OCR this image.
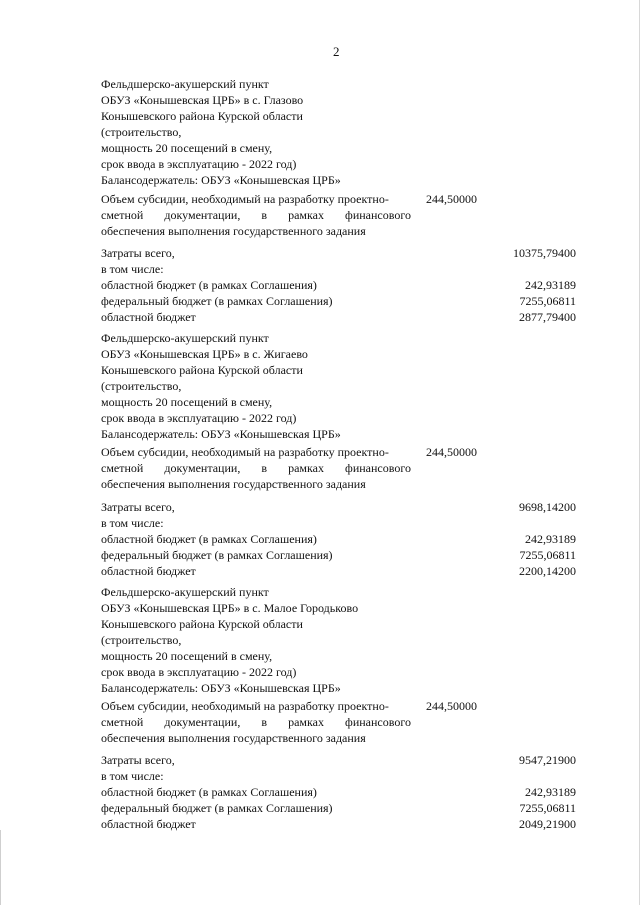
2
Фельдшерско-акушерский пункт
ОБУЗ «Конышевская ЦРБ» в с. Глазово
Конышевского района Курской области
(строительство,
мощность 20 посещений в смену,
срок ввода в эксплуатацию - 2022 год)
Балансодержатель: ОБУЗ «Конышевская ЦРБ»
Объем субсидии, необходимый на разработку проектно-
сметной документации, в рамках финансового
обеспечения выполнения государственного задания
244,50000
Затраты всего,	10375,79400
в том числе:
областной бюджет (в рамках Соглашения)	242,93189
федеральный бюджет (в рамках Соглашения)	7255,06811
областной бюджет	2877,79400
Фельдшерско-акушерский пункт
ОБУЗ «Конышевская ЦРБ» в с. Жигаево
Конышевского района Курской области
(строительство,
мощность 20 посещений в смену,
срок ввода в эксплуатацию - 2022 год)
Балансодержатель: ОБУЗ «Конышевская ЦРБ»
Объем субсидии, необходимый на разработку проектно-
сметной документации, в рамках финансового
обеспечения выполнения государственного задания
244,50000
Затраты всего,	9698,14200
в том числе:
областной бюджет (в рамках Соглашения)	242,93189
федеральный бюджет (в рамках Соглашения)	7255,06811
областной бюджет	2200,14200
Фельдшерско-акушерский пункт
ОБУЗ «Конышевская ЦРБ» в с. Малое Городьково
Конышевского района Курской области
(строительство,
мощность 20 посещений в смену,
срок ввода в эксплуатацию - 2022 год)
Балансодержатель: ОБУЗ «Конышевская ЦРБ»
Объем субсидии, необходимый на разработку проектно-
сметной документации, в рамках финансового
обеспечения выполнения государственного задания
244,50000
Затраты всего,	9547,21900
в том числе:
областной бюджет (в рамках Соглашения)	242,93189
федеральный бюджет (в рамках Соглашения)	7255,06811
областной бюджет	2049,21900
